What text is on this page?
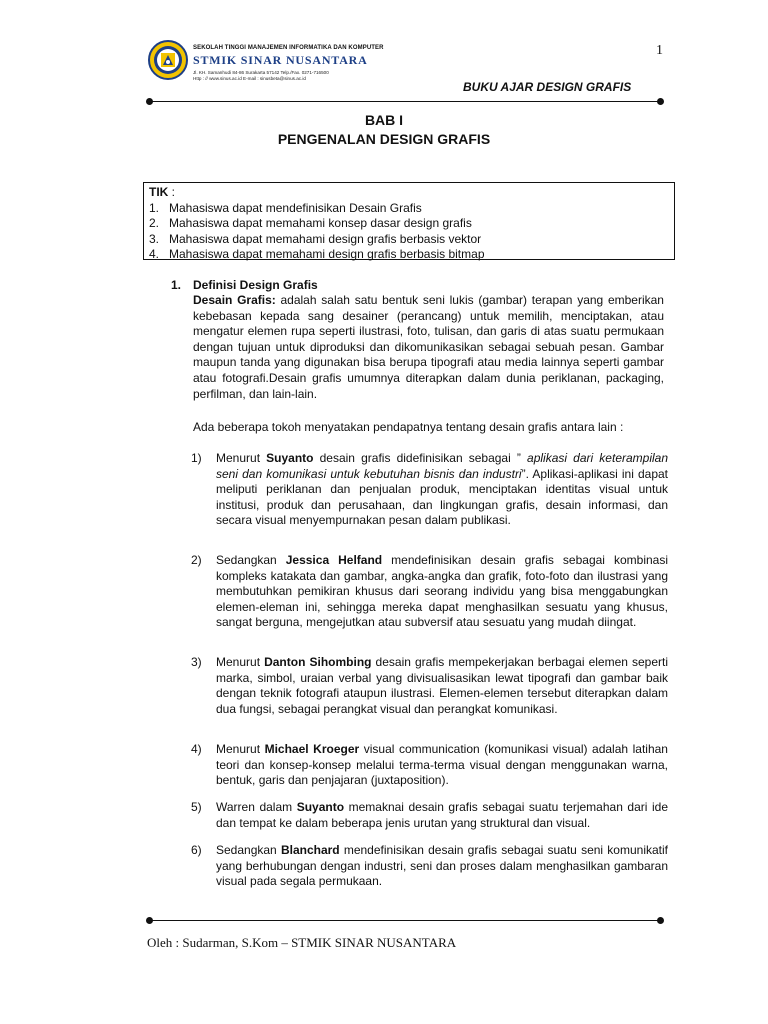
SEKOLAH TINGGI MANAJEMEN INFORMATIKA DAN KOMPUTER
STMIK SINAR NUSANTARA
Jl. KH. Samanhudi 84-86 Surakarta 57142 Telp./Fax. 0271-716500
Http : // www.sinus.ac.id E-mail : sinusbeta@sinus.ac.id
1
BUKU AJAR DESIGN GRAFIS
BAB I
PENGENALAN DESIGN GRAFIS
TIK :
1. Mahasiswa dapat mendefinisikan Desain Grafis
2. Mahasiswa dapat memahami konsep dasar design grafis
3. Mahasiswa dapat memahami design grafis berbasis vektor
4. Mahasiswa dapat memahami design grafis berbasis bitmap
1. Definisi Design Grafis
Desain Grafis: adalah salah satu bentuk seni lukis (gambar) terapan yang emberikan kebebasan kepada sang desainer (perancang) untuk memilih, menciptakan, atau mengatur elemen rupa seperti ilustrasi, foto, tulisan, dan garis di atas suatu permukaan dengan tujuan untuk diproduksi dan dikomunikasikan sebagai sebuah pesan. Gambar maupun tanda yang digunakan bisa berupa tipografi atau media lainnya seperti gambar atau fotografi.Desain grafis umumnya diterapkan dalam dunia periklanan, packaging, perfilman, dan lain-lain.
Ada beberapa tokoh menyatakan pendapatnya tentang desain grafis antara lain :
1) Menurut Suyanto desain grafis didefinisikan sebagai ” aplikasi dari keterampilan seni dan komunikasi untuk kebutuhan bisnis dan industri”. Aplikasi-aplikasi ini dapat meliputi periklanan dan penjualan produk, menciptakan identitas visual untuk institusi, produk dan perusahaan, dan lingkungan grafis, desain informasi, dan secara visual menyempurnakan pesan dalam publikasi.
2) Sedangkan Jessica Helfand mendefinisikan desain grafis sebagai kombinasi kompleks katakata dan gambar, angka-angka dan grafik, foto-foto dan ilustrasi yang membutuhkan pemikiran khusus dari seorang individu yang bisa menggabungkan elemen-eleman ini, sehingga mereka dapat menghasilkan sesuatu yang khusus, sangat berguna, mengejutkan atau subversif atau sesuatu yang mudah diingat.
3) Menurut Danton Sihombing desain grafis mempekerjakan berbagai elemen seperti marka, simbol, uraian verbal yang divisualisasikan lewat tipografi dan gambar baik dengan teknik fotografi ataupun ilustrasi. Elemen-elemen tersebut diterapkan dalam dua fungsi, sebagai perangkat visual dan perangkat komunikasi.
4) Menurut Michael Kroeger visual communication (komunikasi visual) adalah latihan teori dan konsep-konsep melalui terma-terma visual dengan menggunakan warna, bentuk, garis dan penjajaran (juxtaposition).
5) Warren dalam Suyanto memaknai desain grafis sebagai suatu terjemahan dari ide dan tempat ke dalam beberapa jenis urutan yang struktural dan visual.
6) Sedangkan Blanchard mendefinisikan desain grafis sebagai suatu seni komunikatif yang berhubungan dengan industri, seni dan proses dalam menghasilkan gambaran visual pada segala permukaan.
Oleh : Sudarman, S.Kom – STMIK SINAR NUSANTARA
